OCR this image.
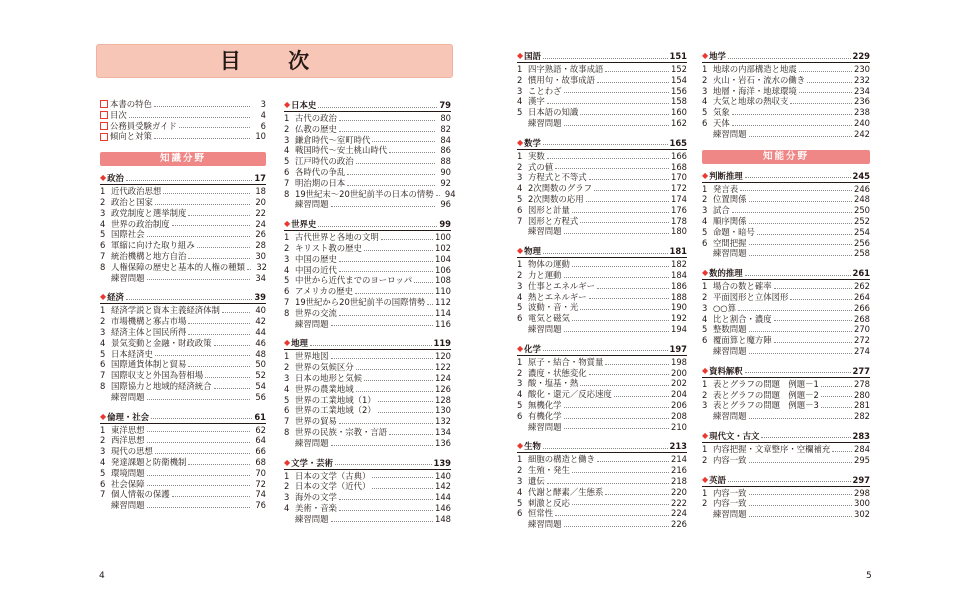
目 次
本書の特色	3
目次	4
公務員受験ガイド	6
傾向と対策	10
知識分野
◆ 政治	17
1 近代政治思想	18
2 政治と国家	20
3 政党制度と選挙制度	22
4 世界の政治制度	24
5 国際社会	26
6 軍縮に向けた取り組み	28
7 統治機構と地方自治	30
8 人権保障の歴史と基本的人権の種類	32
練習問題	34
◆ 経済	39
1 経済学説と資本主義経済体制	40
2 市場機構と寡占市場	42
3 経済主体と国民所得	44
4 景気変動と金融・財政政策	46
5 日本経済史	48
6 国際通貨体制と貿易	50
7 国際収支と外国為替相場	52
8 国際協力と地域的経済統合	54
練習問題	56
◆ 倫理・社会	61
1 東洋思想	62
2 西洋思想	64
3 現代の思想	66
4 発達課題と防衛機制	68
5 環境問題	70
6 社会保障	72
7 個人情報の保護	74
練習問題	76
◆ 日本史	79
1 古代の政治	80
2 仏教の歴史	82
3 鎌倉時代～室町時代	84
4 戦国時代～安土桃山時代	86
5 江戸時代の政治	88
6 各時代の争乱	90
7 明治期の日本	92
8 19世紀末～20世紀前半の日本の情勢	94
練習問題	96
◆ 世界史	99
1 古代世界と各地の文明	100
2 キリスト教の歴史	102
3 中国の歴史	104
4 中国の近代	106
5 中世から近代までのヨーロッパ	108
6 アメリカの歴史	110
7 19世紀から20世紀前半の国際情勢 112
8 世界の交流	114
練習問題	116
◆ 地理	119
1 世界地図	120
2 世界の気候区分	122
3 日本の地形と気候	124
4 世界の農業地域	126
5 世界の工業地域（1）	128
6 世界の工業地域（2）	130
7 世界の貿易	132
8 世界の民族・宗教・言語	134
練習問題	136
◆ 文学・芸術	139
1 日本の文学（古典）	140
2 日本の文学（近代）	142
3 海外の文学	144
4 美術・音楽	146
練習問題	148
4
◆ 国語	151
1 四字熟語・故事成語	152
2 慣用句・故事成語	154
3 ことわざ	156
4 漢字	158
5 日本語の知識	160
練習問題	162
◆ 数学	165
1 実数	166
2 式の値	168
3 方程式と不等式	170
4 2次関数のグラフ	172
5 2次関数の応用	174
6 図形と計量	176
7 図形と方程式	178
練習問題	180
◆ 物理	181
1 物体の運動	182
2 力と運動	184
3 仕事とエネルギー	186
4 熱とエネルギー	188
5 波動・音・光	190
6 電気と磁気	192
練習問題	194
◆ 化学	197
1 原子・結合・物質量	198
2 濃度・状態変化	200
3 酸・塩基・熱	202
4 酸化・還元／反応速度	204
5 無機化学	206
6 有機化学	208
練習問題	210
◆ 生物	213
1 細胞の構造と働き	214
2 生殖・発生	216
3 遺伝	218
4 代謝と酵素／生態系	220
5 刺激と反応	222
6 恒常性	224
練習問題	226
◆ 地学	229
1 地球の内部構造と地震	230
2 火山・岩石・流水の働き	232
3 地層・海洋・地球環境	234
4 大気と地球の熱収支	236
5 気象	238
6 天体	240
練習問題	242
知能分野
◆ 判断推理	245
1 発言表	246
2 位置関係	248
3 試合	250
4 順序関係	252
5 命題・暗号	254
6 空間把握	256
練習問題	258
◆ 数的推理	261
1 場合の数と確率	262
2 平面図形と立体図形	264
3 ○○算	266
4 比と割合・濃度	268
5 整数問題	270
6 覆面算と魔方陣	272
練習問題	274
◆ 資料解釈	277
1 表とグラフの問題　例題－1	278
2 表とグラフの問題　例題－2	280
3 表とグラフの問題　例題－3	281
練習問題	282
◆ 現代文・古文	283
1 内容把握・文章整序・空欄補充	284
2 内容一致	295
◆ 英語	297
1 内容一致	298
2 内容一致	300
練習問題	302
5
